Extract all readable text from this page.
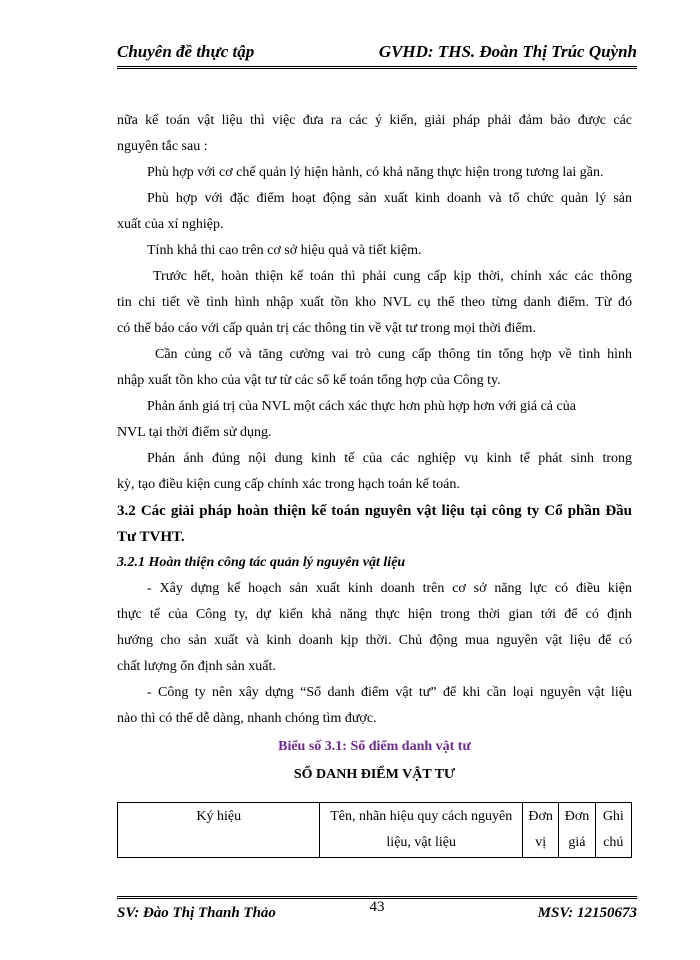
Chuyên đề thực tập	GVHD: THS. Đoàn Thị Trúc Quỳnh

nữa kế toán vật liệu thì việc đưa ra các ý kiến, giải pháp phải đảm bảo được các

nguyên tắc sau :

Phù hợp với cơ chế quản lý hiện hành, có khả năng thực hiện trong tương lai gần.

Phù hợp với đặc điểm hoạt động sản xuất kinh doanh và tổ chức quản lý sản

xuất của xí nghiệp.

Tính khả thi cao trên cơ sở hiệu quả và tiết kiệm.

Trước hết, hoàn thiện kế toán thì phải cung cấp kịp thời, chính xác các thông

tin chi tiết về tình hình nhập xuất tồn kho NVL cụ thể theo từng danh điểm. Từ đó

có thể báo cáo với cấp quản trị các thông tin về vật tư trong mọi thời điểm.

Cần củng cố và tăng cường vai trò cung cấp thông tin tổng hợp về tình hình

nhập xuất tồn kho của vật tư từ các sổ kế toán tổng hợp của Công ty.

Phản ánh giá trị của NVL một cách xác thực hơn phù hợp hơn với giá cả của

NVL tại thời điểm sử dụng.

Phản ánh đúng nội dung kinh tế của các nghiệp vụ kinh tế phát sinh trong

kỳ, tạo điều kiện cung cấp chính xác trong hạch toán kế toán.

3.2 Các giải pháp hoàn thiện kế toán nguyên vật liệu tại công ty Cổ phần Đầu

Tư TVHT.

3.2.1 Hoàn thiện công tác quản lý nguyên vật liệu

- Xây dựng kế hoạch sản xuất kinh doanh trên cơ sở năng lực có điều kiện

thực tế của Công ty, dự kiến khả năng thực hiện trong thời gian tới để có định

hướng cho sản xuất và kinh doanh kịp thời. Chủ động mua nguyên vật liệu để có

chất lượng ổn định sản xuất.

- Công ty nên xây dựng “Sổ danh điểm vật tư” để khi cần loại nguyên vật liệu

nào thì có thể dễ dàng, nhanh chóng tìm được.

Biểu số 3.1: Sổ điểm danh vật tư

SỔ DANH ĐIỂM VẬT TƯ

Ký hiệu	Tên, nhãn hiệu quy cách nguyên liệu, vật liệu	Đơn vị	Đơn giá	Ghi chú
SV: Đào Thị Thanh Thảo	43	MSV: 12150673
